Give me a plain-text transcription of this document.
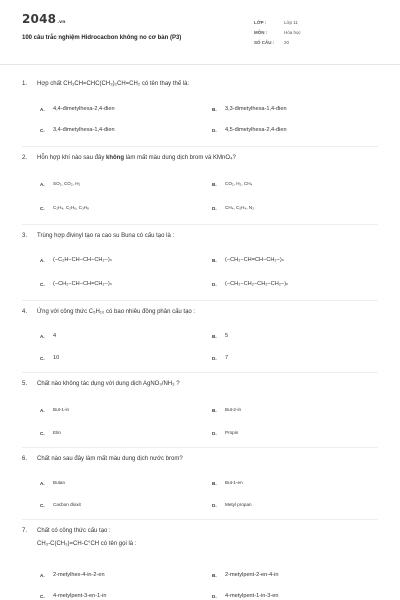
2048.vn
100 câu trắc nghiệm Hidrocacbon không no cơ bản (P3)
LỚP :	Lớp 11
MÔN :	Hóa học
SỐ CÂU :	20
1.	Hợp chất CH₃CH=CHC(CH₃)₂CH=CH₂ có tên thay thế là:
A.	4,4-đimetylhexa-2,4-đien	B.	3,3-đimetylhexa-1,4-đien
C.	3,4-đimetylhexa-1,4-đien	D.	4,5-đimetylhexa-2,4-đien
2.	Hỗn hợp khí nào sau đây không làm mất màu dung dịch brom và KMnO₄?
A.	SO₂, CO₂, H₂	B.	CO₂, H₂, CH₄
C.	C₂H₄, C₂H₆, C₃H₈	D.	CH₄, C₂H₄, N₂
3.	Trùng hợp đivinyl tạo ra cao su Buna có cấu tạo là :
A.	(−C₂H−CH−CH−CH₂−)ₙ	B.	(−CH₂−CH=CH−CH₂−)ₙ
C.	(−CH₂−CH−CH=CH₂−)ₙ	D.	(−CH₂−CH₂−CH₂−CH₂−)ₙ
4.	Ứng với công thức C₅H₁₀ có bao nhiêu đồng phân cấu tạo :
A.	4	B.	5
C.	10	D.	7
5.	Chất nào không tác dụng với dung dịch AgNO₃/NH₃ ?
A.	But-1-in	B.	But-2-in
C.	Etin	D.	Propin
6.	Chất nào sau đây làm mất màu dung dịch nước brom?
A.	Butan	B.	But-1-en
C.	Cacbon đioxit	D.	Metyl propan
7.	Chất có công thức cấu tạo :
CH₃-C(CH₃)=CH-C°CH có tên gọi là :
A.	2-metylhex-4-in-2-en	B.	2-metylpent-2-en-4-in
C.	4-metylpent-3-en-1-in	D.	4-metylpent-1-in-3-en
